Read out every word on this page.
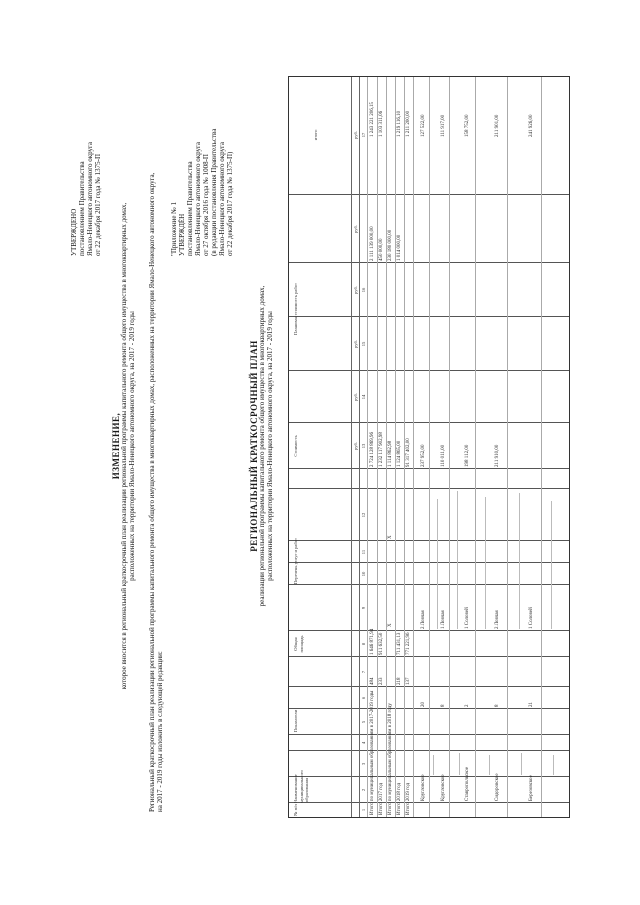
УТВЕРЖДЕНО постановлением Правительства Ямало-Ненецкого автономного округа от 22 декабря 2017 года № 1375-П
ИЗМЕНЕНИЕ, которое вносится в региональный краткосрочный план реализации региональной программы капитального ремонта общего имущества в многоквартирных домах, расположенных на территории Ямало-Ненецкого автономного округа, на 2017 - 2019 годы Региональный краткосрочный план реализации региональной программы капитального ремонта общего имущества в многоквартирных домах, расположенных на территории Ямало-Ненецкого автономного округа, на 2017 - 2019 годы изложить в следующей редакции:
"Приложение № 1 УТВЕРЖДЁН постановлением Правительства Ямало-Ненецкого автономного округа от 27 октября 2016 года № 1008-П (в редакции постановления Правительства Ямало-Ненецкого автономного округа от 22 декабря 2017 года № 1375-П)
РЕГИОНАЛЬНЫЙ КРАТКОСРОЧНЫЙ ПЛАН реализации региональной программы капитального ремонта общего имущества в многоквартирных домах, расположенных на территории Ямало-Ненецкого автономного округа, на 2017 - 2019 годы
№ п/п
Наименование муниципального образования
Показатели
Общая площадь
Перечень услуг и работ
Стоимость
Плановая стоимость работ
итого
руб.
руб.
руб.
руб.
руб.
руб.
1
2
3
4
5
6
7
8
9
10
11
12
13
14
15
16
17
Итого по муниципальным образованиям в 2017-2019 годы
484
1 646 871,94
2 724 128 869,96
2 111 139 000,00
1 243 221 206,15
Итого 2017 год
233
911 632,50
1 232 117 902,98
450 000,00
1 103 311,06
Итого по муниципальным образованиям в 2018 году
X
X
1 114 862,98
230 180 000,00
Итого 2018 год
218
711 431,13
1 124 865,00
1 014 000,00
1 219 116,10
Итого 2019 год
137
771 221,96
91 317 402,00
1 211 200,00
Кругловское
20
2 Ловчая
237 952,00
127 522,00
Кругловское
8
1 Ловчая
110 011,00
111 917,00
Ставропольское
2
1 Соловей
198 112,00
158 752,00
Сидоровское
8
2 Ловчая
211 910,00
211 901,00
Березовское
21
1 Соловей
241 926,00
